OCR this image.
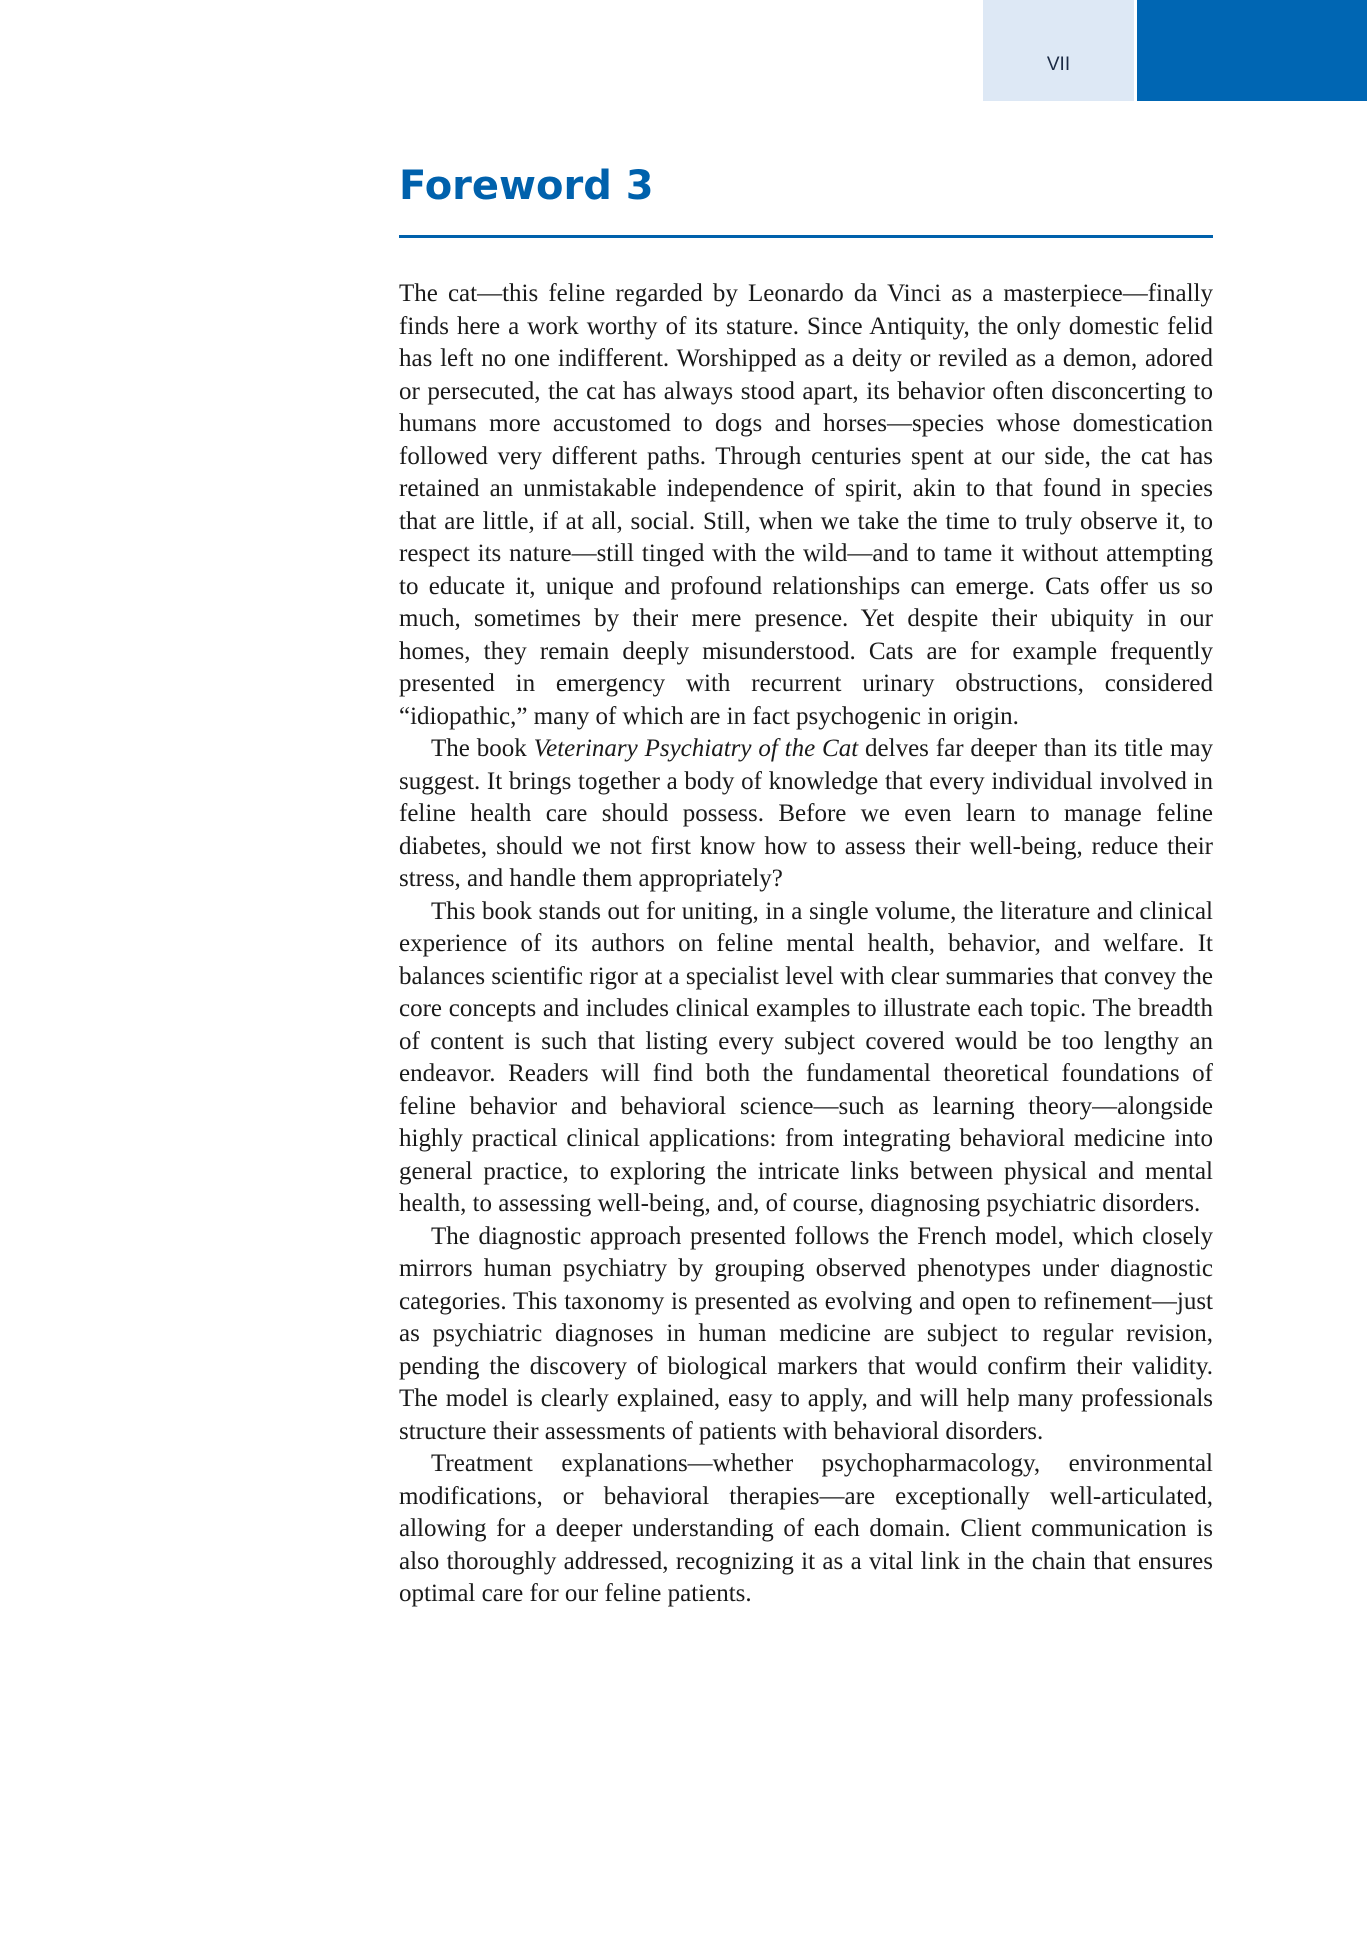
VII
Foreword 3

The cat—this feline regarded by Leonardo da Vinci as a masterpiece—finally finds here a work worthy of its stature. Since Antiquity, the only domestic felid has left no one indifferent. Worshipped as a deity or reviled as a demon, adored or persecuted, the cat has always stood apart, its behavior often disconcerting to humans more accustomed to dogs and horses—species whose domestication followed very different paths. Through centuries spent at our side, the cat has retained an unmistakable independence of spirit, akin to that found in species that are little, if at all, social. Still, when we take the time to truly observe it, to respect its nature—still tinged with the wild—and to tame it without attempting to educate it, unique and profound relationships can emerge. Cats offer us so much, sometimes by their mere presence. Yet despite their ubiquity in our homes, they remain deeply misunderstood. Cats are for example frequently presented in emergency with recurrent urinary obstructions, considered “idiopathic,” many of which are in fact psychogenic in origin.

The book Veterinary Psychiatry of the Cat delves far deeper than its title may suggest. It brings together a body of knowledge that every individual involved in feline health care should possess. Before we even learn to manage feline diabetes, should we not first know how to assess their well-being, reduce their stress, and handle them appropriately?

This book stands out for uniting, in a single volume, the literature and clinical experience of its authors on feline mental health, behavior, and welfare. It balances scientific rigor at a specialist level with clear summaries that convey the core concepts and includes clinical examples to illustrate each topic. The breadth of content is such that listing every subject covered would be too lengthy an endeavor. Readers will find both the fundamental theoretical foundations of feline behavior and behavioral science—such as learning theory—alongside highly practical clinical applications: from integrating behavioral medicine into general practice, to exploring the intricate links between physical and mental health, to assessing well-being, and, of course, diagnosing psychiatric disorders.

The diagnostic approach presented follows the French model, which closely mirrors human psychiatry by grouping observed phenotypes under diagnostic categories. This taxonomy is presented as evolving and open to refinement—just as psychiatric diagnoses in human medicine are subject to regular revision, pending the discovery of biological markers that would confirm their validity. The model is clearly explained, easy to apply, and will help many professionals structure their assessments of patients with behavioral disorders.

Treatment explanations—whether psychopharmacology, environmental modifications, or behavioral therapies—are exceptionally well-articulated, allowing for a deeper understanding of each domain. Client communication is also thoroughly addressed, recognizing it as a vital link in the chain that ensures optimal care for our feline patients.
